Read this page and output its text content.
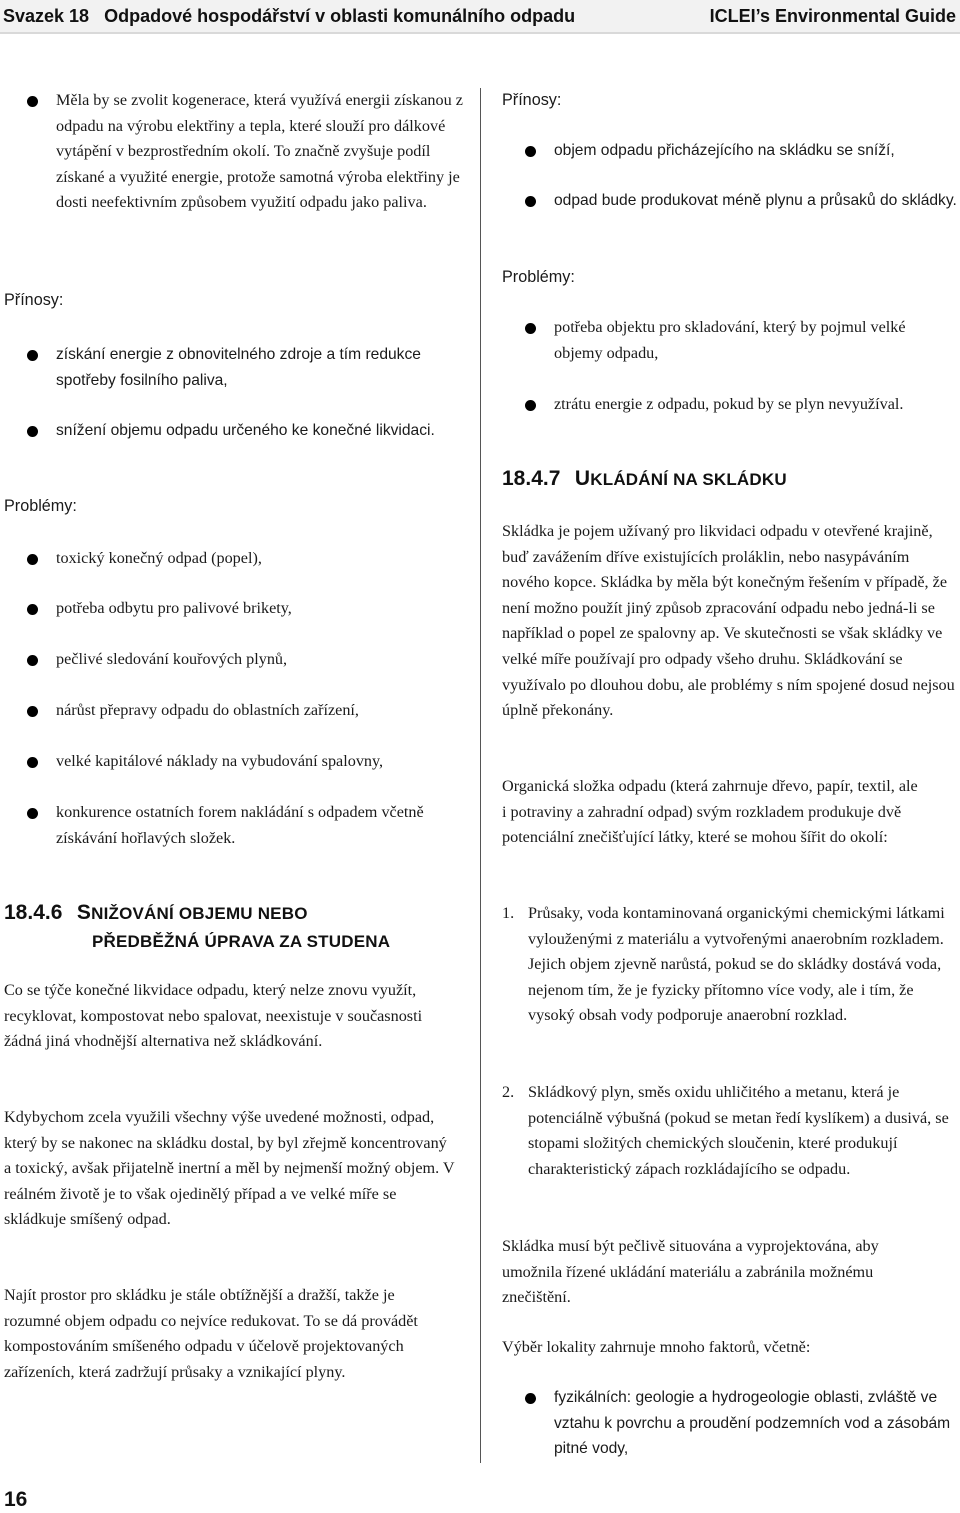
Svazek 18   Odpadové hospodářství v oblasti komunálního odpadu	ICLEI’s Environmental Guide
Měla by se zvolit kogenerace, která využívá energii získanou z odpadu na výrobu elektřiny a tepla, které slouží pro dálkové vytápění v bezprostředním okolí. To značně zvyšuje podíl získané a využité energie, protože samotná výroba elektřiny je dosti neefektivním způsobem využití odpadu jako paliva.

Přínosy:

získání energie z obnovitelného zdroje a tím redukce spotřeby fosilního paliva,
snížení objemu odpadu určeného ke konečné likvidaci.

Problémy:

toxický konečný odpad (popel),
potřeba odbytu pro palivové brikety,
pečlivé sledování kouřových plynů,
nárůst přepravy odpadu do oblastních zařízení,
velké kapitálové náklady na vybudování spalovny,
konkurence ostatních forem nakládání s odpadem včetně získávání hořlavých složek.
18.4.6 SNIŽOVÁNÍ OBJEMU NEBO
PŘEDBĚŽNÁ ÚPRAVA ZA STUDENA

Co se týče konečné likvidace odpadu, který nelze znovu využít, recyklovat, kompostovat nebo spalovat, neexistuje v současnosti žádná jiná vhodnější alternativa než skládkování.

Kdybychom zcela využili všechny výše uvedené možnosti, odpad, který by se nakonec na skládku dostal, by byl zřejmě koncentrovaný a toxický, avšak přijatelně inertní a měl by nejmenší možný objem. V reálném životě je to však ojedinělý případ a ve velké míře se skládkuje smíšený odpad.

Najít prostor pro skládku je stále obtížnější a dražší, takže je rozumné objem odpadu co nejvíce redukovat. To se dá provádět kompostováním smíšeného odpadu v účelově projektovaných zařízeních, která zadržují průsaky a vznikající plyny.

Přínosy:

objem odpadu přicházejícího na skládku se sníží,
odpad bude produkovat méně plynu a průsaků do skládky.

Problémy:

potřeba objektu pro skladování, který by pojmul velké objemy odpadu,
ztrátu energie z odpadu, pokud by se plyn nevyužíval.
18.4.7 UKLÁDÁNÍ NA SKLÁDKU

Skládka je pojem užívaný pro likvidaci odpadu v otevřené krajině, buď zavážením dříve existujících proláklin, nebo nasypáváním nového kopce. Skládka by měla být konečným řešením v případě, že není možno použít jiný způsob zpracování odpadu nebo jedná-li se například o popel ze spalovny ap. Ve skutečnosti se však skládky ve velké míře používají pro odpady všeho druhu. Skládkování se využívalo po dlouhou dobu, ale problémy s ním spojené dosud nejsou úplně překonány.

Organická složka odpadu (která zahrnuje dřevo, papír, textil, ale i potraviny a zahradní odpad) svým rozkladem produkuje dvě potenciální znečišťující látky, které se mohou šířit do okolí:

1. Průsaky, voda kontaminovaná organickými chemickými látkami vylouženými z materiálu a vytvořenými anaerobním rozkladem. Jejich objem zjevně narůstá, pokud se do skládky dostává voda, nejenom tím, že je fyzicky přítomno více vody, ale i tím, že vysoký obsah vody podporuje anaerobní rozklad.
2. Skládkový plyn, směs oxidu uhličitého a metanu, která je potenciálně výbušná (pokud se metan ředí kyslíkem) a dusivá, se stopami složitých chemických sloučenin, které produkují charakteristický zápach rozkládajícího se odpadu.

Skládka musí být pečlivě situována a vyprojektována, aby umožnila řízené ukládání materiálu a zabránila možnému znečištění.

Výběr lokality zahrnuje mnoho faktorů, včetně:

fyzikálních: geologie a hydrogeologie oblasti, zvláště ve vztahu k povrchu a proudění podzemních vod a zásobám pitné vody,
16
